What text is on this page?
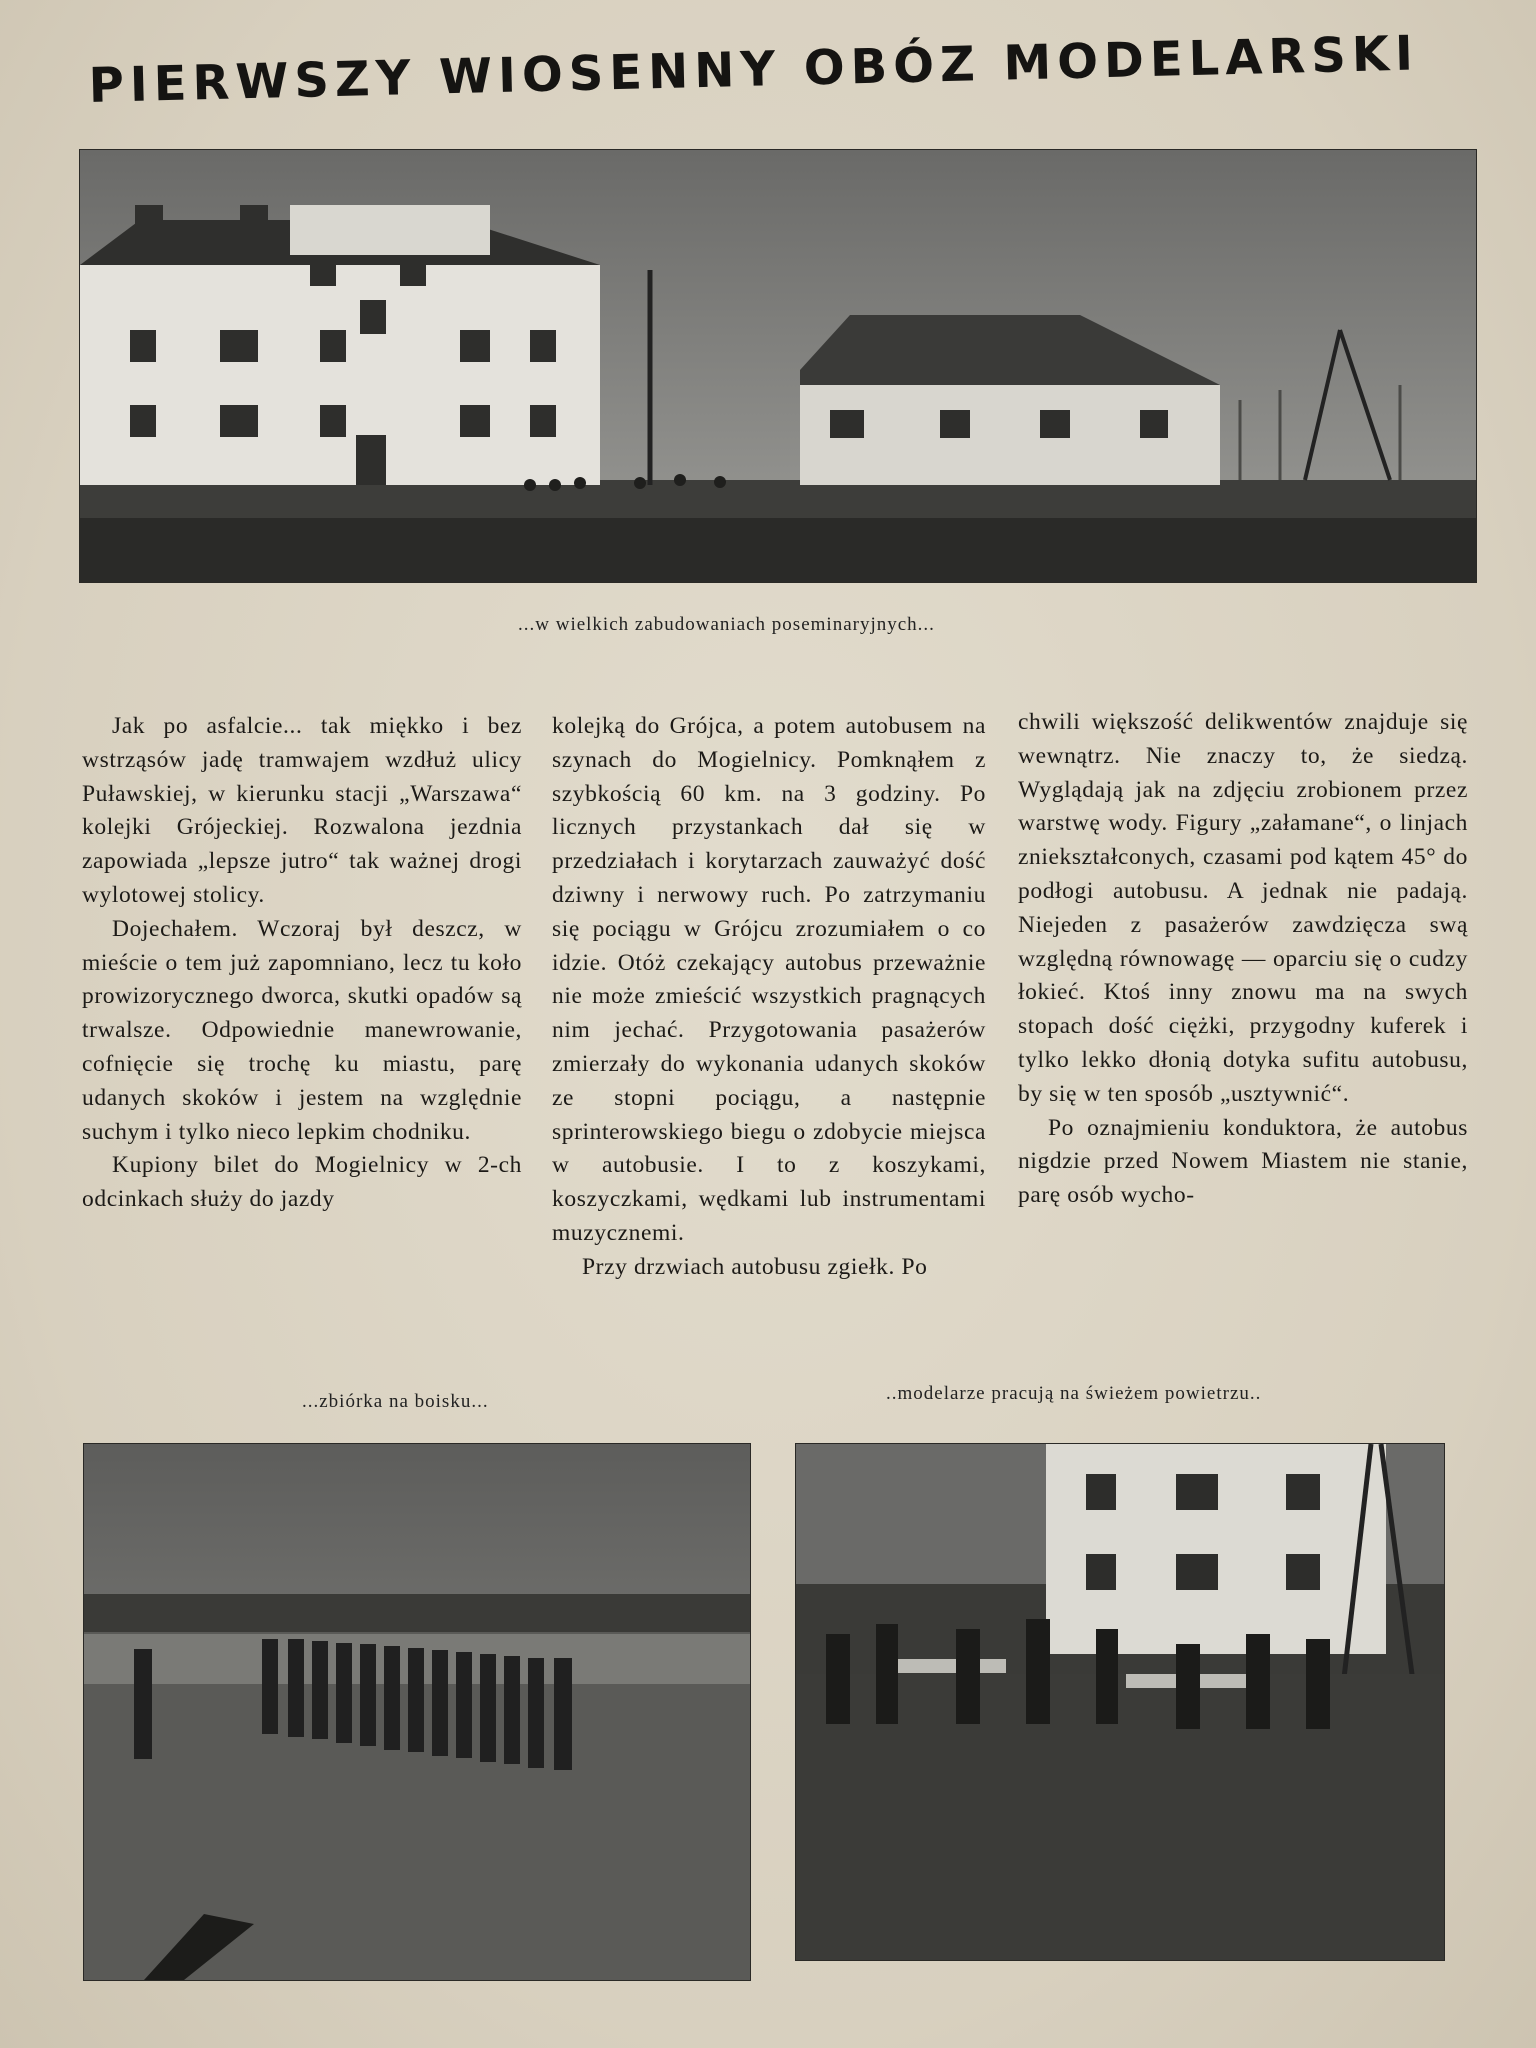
PIERWSZY WIOSENNY OBÓZ MODELARSKI
...w wielkich zabudowaniach poseminaryjnych...

Jak po asfalcie... tak miękko i bez wstrząsów jadę tramwajem wzdłuż ulicy Puławskiej, w kierunku stacji „Warszawa“ kolejki Grójeckiej. Rozwalona jezdnia zapowiada „lepsze jutro“ tak ważnej drogi wylotowej stolicy.

Dojechałem. Wczoraj był deszcz, w mieście o tem już zapomniano, lecz tu koło prowizorycznego dworca, skutki opadów są trwalsze. Odpowiednie manewrowanie, cofnięcie się trochę ku miastu, parę udanych skoków i jestem na względnie suchym i tylko nieco lepkim chodniku.

Kupiony bilet do Mogielnicy w 2-ch odcinkach służy do jazdy

kolejką do Grójca, a potem autobusem na szynach do Mogielnicy. Pomknąłem z szybkością 60 km. na 3 godziny. Po licznych przystankach dał się w przedziałach i korytarzach zauważyć dość dziwny i nerwowy ruch. Po zatrzymaniu się pociągu w Grójcu zrozumiałem o co idzie. Otóż czekający autobus przeważnie nie może zmieścić wszystkich pragnących nim jechać. Przygotowania pasażerów zmierzały do wykonania udanych skoków ze stopni pociągu, a następnie sprinterowskiego biegu o zdobycie miejsca w autobusie. I to z koszykami, koszyczkami, wędkami lub instrumentami muzycznemi.

Przy drzwiach autobusu zgiełk. Po

chwili większość delikwentów znajduje się wewnątrz. Nie znaczy to, że siedzą. Wyglądają jak na zdjęciu zrobionem przez warstwę wody. Figury „załamane“, o linjach zniekształconych, czasami pod kątem 45° do podłogi autobusu. A jednak nie padają. Niejeden z pasażerów zawdzięcza swą względną równowagę — oparciu się o cudzy łokieć. Ktoś inny znowu ma na swych stopach dość ciężki, przygodny kuferek i tylko lekko dłonią dotyka sufitu autobusu, by się w ten sposób „usztywnić“.

Po oznajmieniu konduktora, że autobus nigdzie przed Nowem Miastem nie stanie, parę osób wycho-

...zbiórka na boisku...	..modelarze pracują na świeżem powietrzu..
